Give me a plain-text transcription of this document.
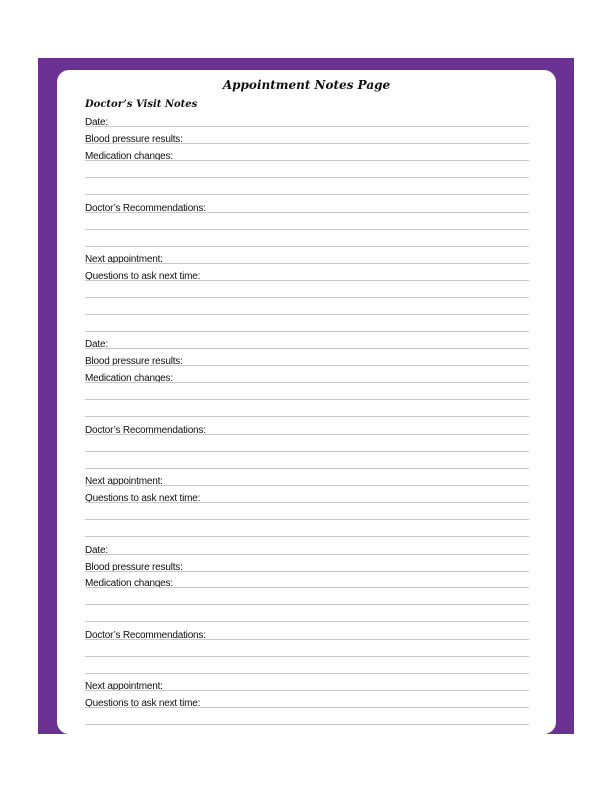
Appointment Notes Page
Doctor’s Visit Notes
Date:
Blood pressure results:
Medication changes:
Doctor’s Recommendations:
Next appointment:
Questions to ask next time:
Date:
Blood pressure results:
Medication changes:
Doctor’s Recommendations:
Next appointment:
Questions to ask next time:
Date:
Blood pressure results:
Medication changes:
Doctor’s Recommendations:
Next appointment:
Questions to ask next time:
